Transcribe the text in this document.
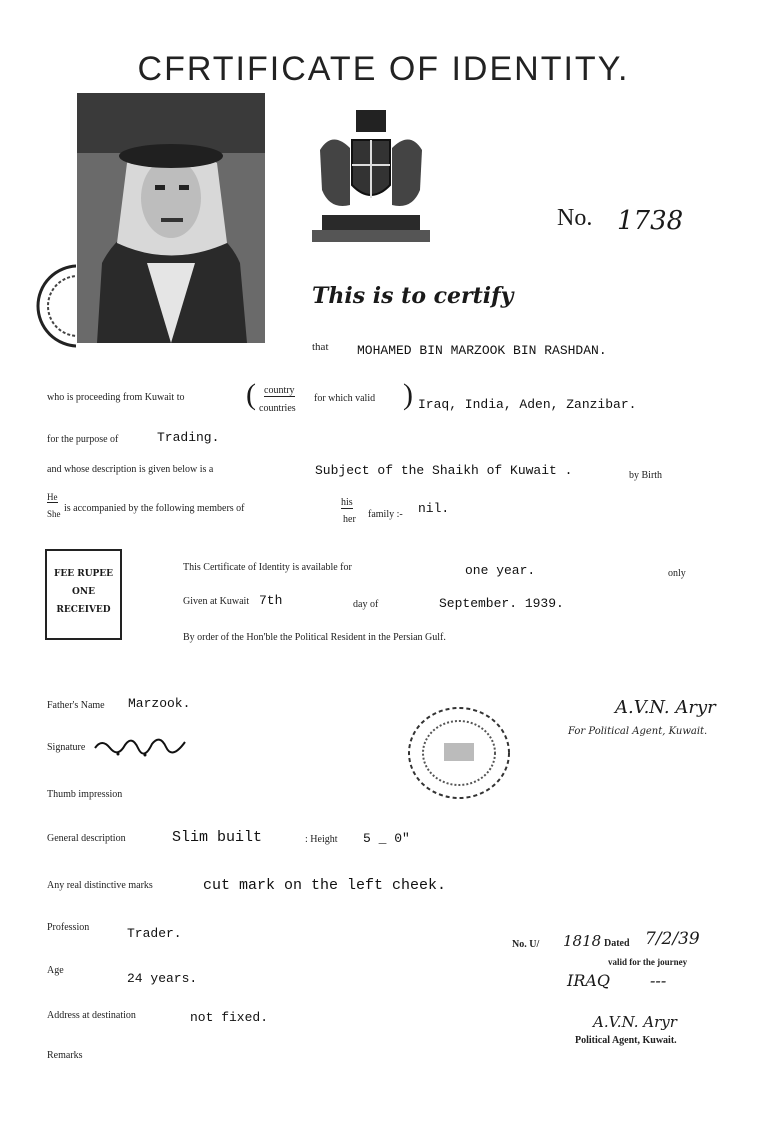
CFRTIFICATE OF IDENTITY.
No. 1738
This is to certify
that MOHAMED BIN MARZOOK BIN RASHDAN.
who is proceeding from Kuwait to ( country
countries
for which valid ) Iraq, India, Aden, Zanzibar.
for the purpose of	Trading.
and whose description is given below is a	Subject of the Shaikh of Kuwait .	by Birth
He
She is accompanied by the following members of
his
her family :- nil.
FEE RUPEE
ONE
RECEIVED
This Certificate of Identity is available for	one year.	only
Given at Kuwait 7th	day of	September. 1939.
By order of the Hon'ble the Political Resident in the Persian Gulf.
Father's Name Marzook.
Signature
Thumb impression
A.V.N. Aryr
For Political Agent, Kuwait.
General description	Slim built	: Height 5 _ 0"
Any real distinctive marks	cut mark on the left cheek.
Profession	Trader.
Age
24 years.
Address at destination	not fixed.
Remarks
No. U/ 1818 Dated 7/2/39
valid for the journey
IRAQ ---
A.V.N. Aryr
Political Agent, Kuwait.
